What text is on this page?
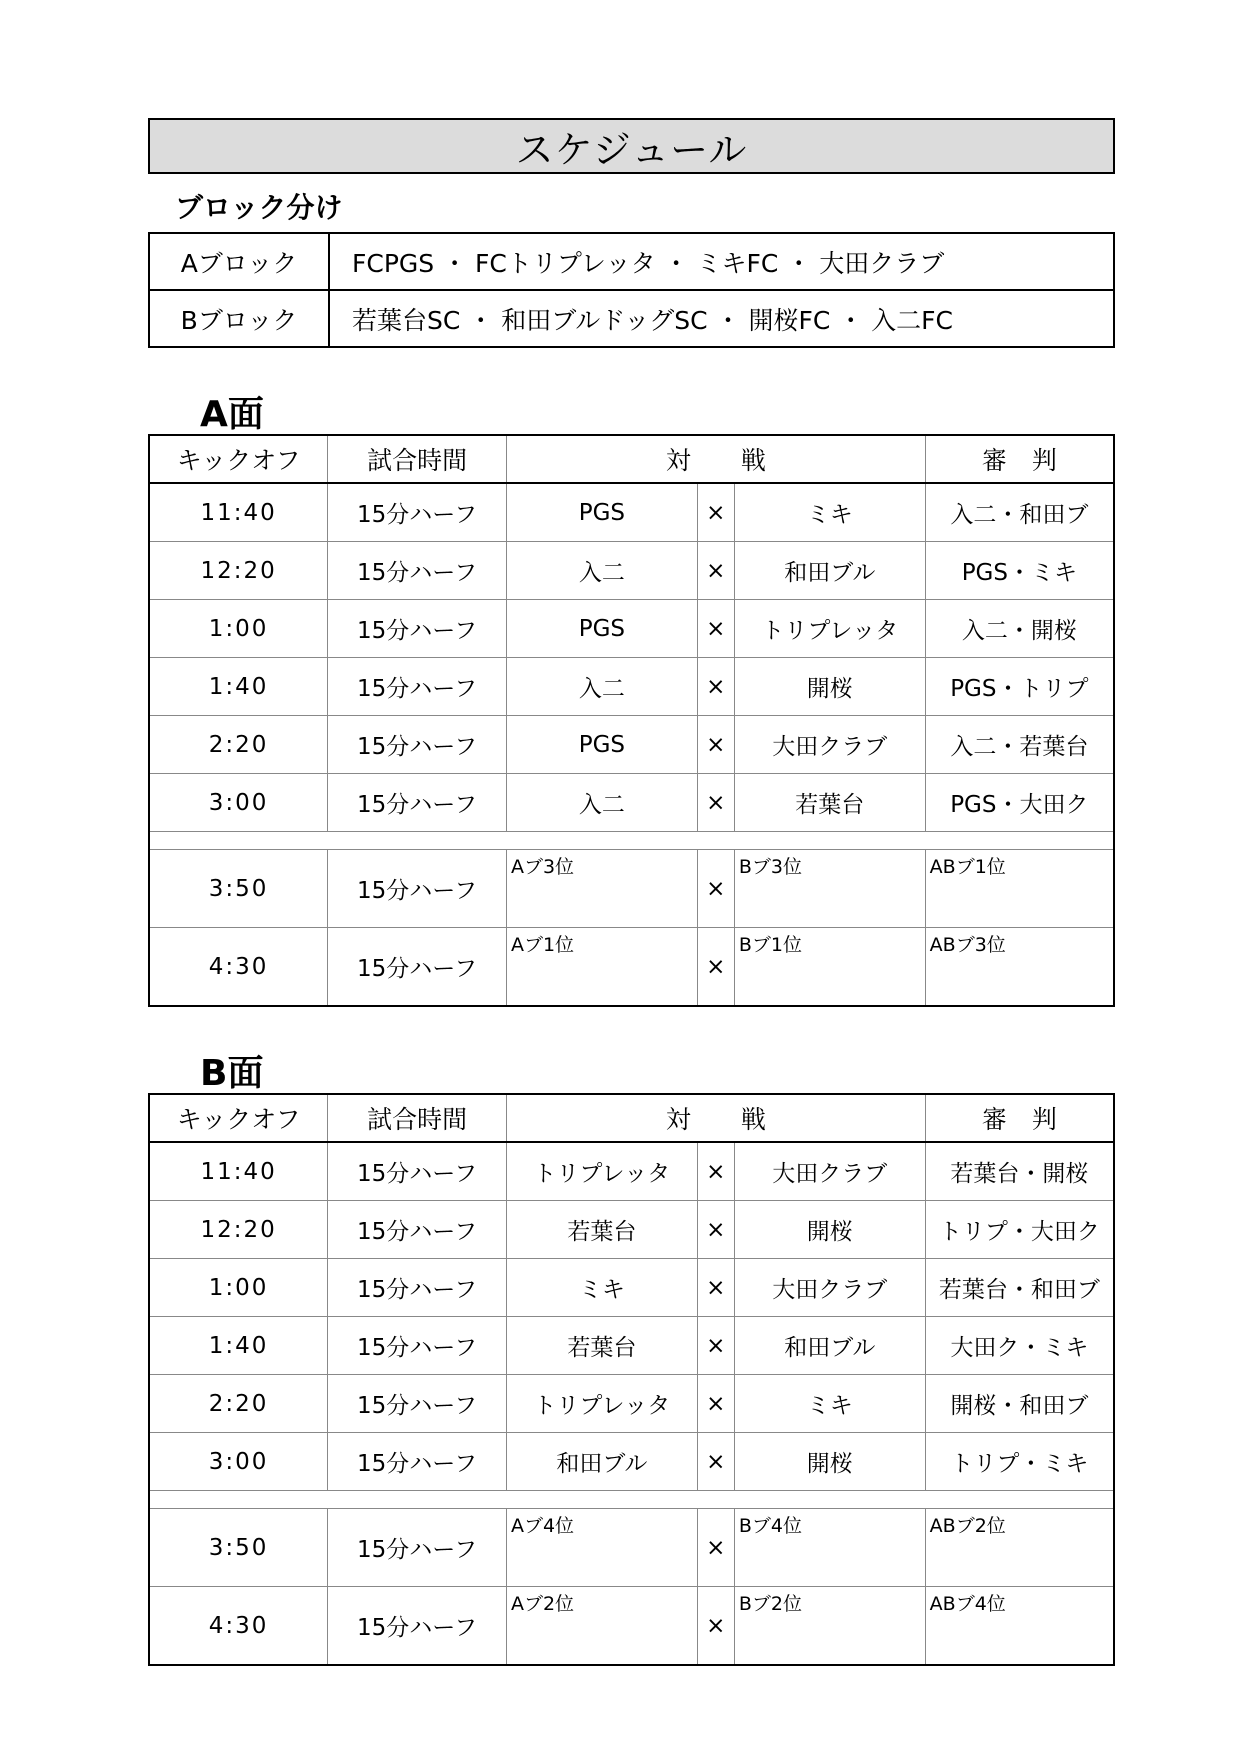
スケジュール
ブロック分け
Aブロック	FCPGS ・ FCトリプレッタ ・ ミキFC ・ 大田クラブ
Bブロック	若葉台SC ・ 和田ブルドッグSC ・ 開桜FC ・ 入二FC
A面
キックオフ	試合時間	対　　戦			審　判
11:40	15分ハーフ	PGS	×	ミキ	入二・和田ブ
12:20	15分ハーフ	入二	×	和田ブル	PGS・ミキ
1:00	15分ハーフ	PGS	×	トリプレッタ	入二・開桜
1:40	15分ハーフ	入二	×	開桜	PGS・トリプ
2:20	15分ハーフ	PGS	×	大田クラブ	入二・若葉台
3:00	15分ハーフ	入二	×	若葉台	PGS・大田ク

3:50	15分ハーフ	Aブ3位	×	Bブ3位	ABブ1位
4:30	15分ハーフ	Aブ1位	×	Bブ1位	ABブ3位
B面
キックオフ	試合時間	対　　戦			審　判
11:40	15分ハーフ	トリプレッタ	×	大田クラブ	若葉台・開桜
12:20	15分ハーフ	若葉台	×	開桜	トリプ・大田ク
1:00	15分ハーフ	ミキ	×	大田クラブ	若葉台・和田ブ
1:40	15分ハーフ	若葉台	×	和田ブル	大田ク・ミキ
2:20	15分ハーフ	トリプレッタ	×	ミキ	開桜・和田ブ
3:00	15分ハーフ	和田ブル	×	開桜	トリプ・ミキ

3:50	15分ハーフ	Aブ4位	×	Bブ4位	ABブ2位
4:30	15分ハーフ	Aブ2位	×	Bブ2位	ABブ4位
